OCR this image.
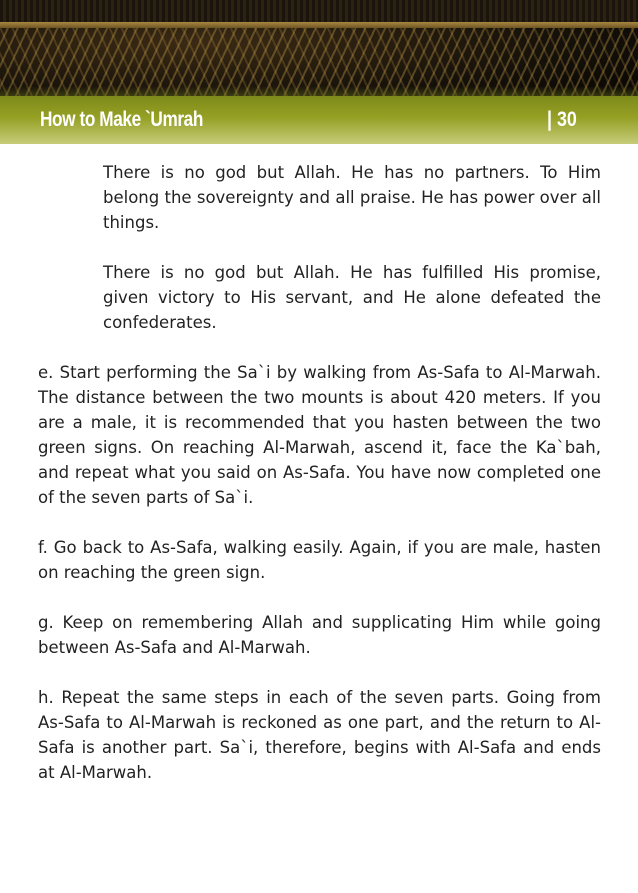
How to Make `Umrah	| 30

There is no god but Allah. He has no partners. To Him belong the sovereignty and all praise. He has power over all things.

There is no god but Allah. He has fulfilled His promise, given victory to His servant, and He alone defeated the confederates.

e. Start performing the Sa`i by walking from As-Safa to Al-Marwah. The distance between the two mounts is about 420 meters. If you are a male, it is recommended that you hasten between the two green signs. On reaching Al-Marwah, ascend it, face the Ka`bah, and repeat what you said on As-Safa. You have now completed one of the seven parts of Sa`i.

f. Go back to As-Safa, walking easily. Again, if you are male, hasten on reaching the green sign.

g. Keep on remembering Allah and supplicating Him while going between As-Safa and Al-Marwah.

h. Repeat the same steps in each of the seven parts. Going from As-Safa to Al-Marwah is reckoned as one part, and the return to Al-Safa is another part. Sa`i, therefore, begins with Al-Safa and ends at Al-Marwah.
